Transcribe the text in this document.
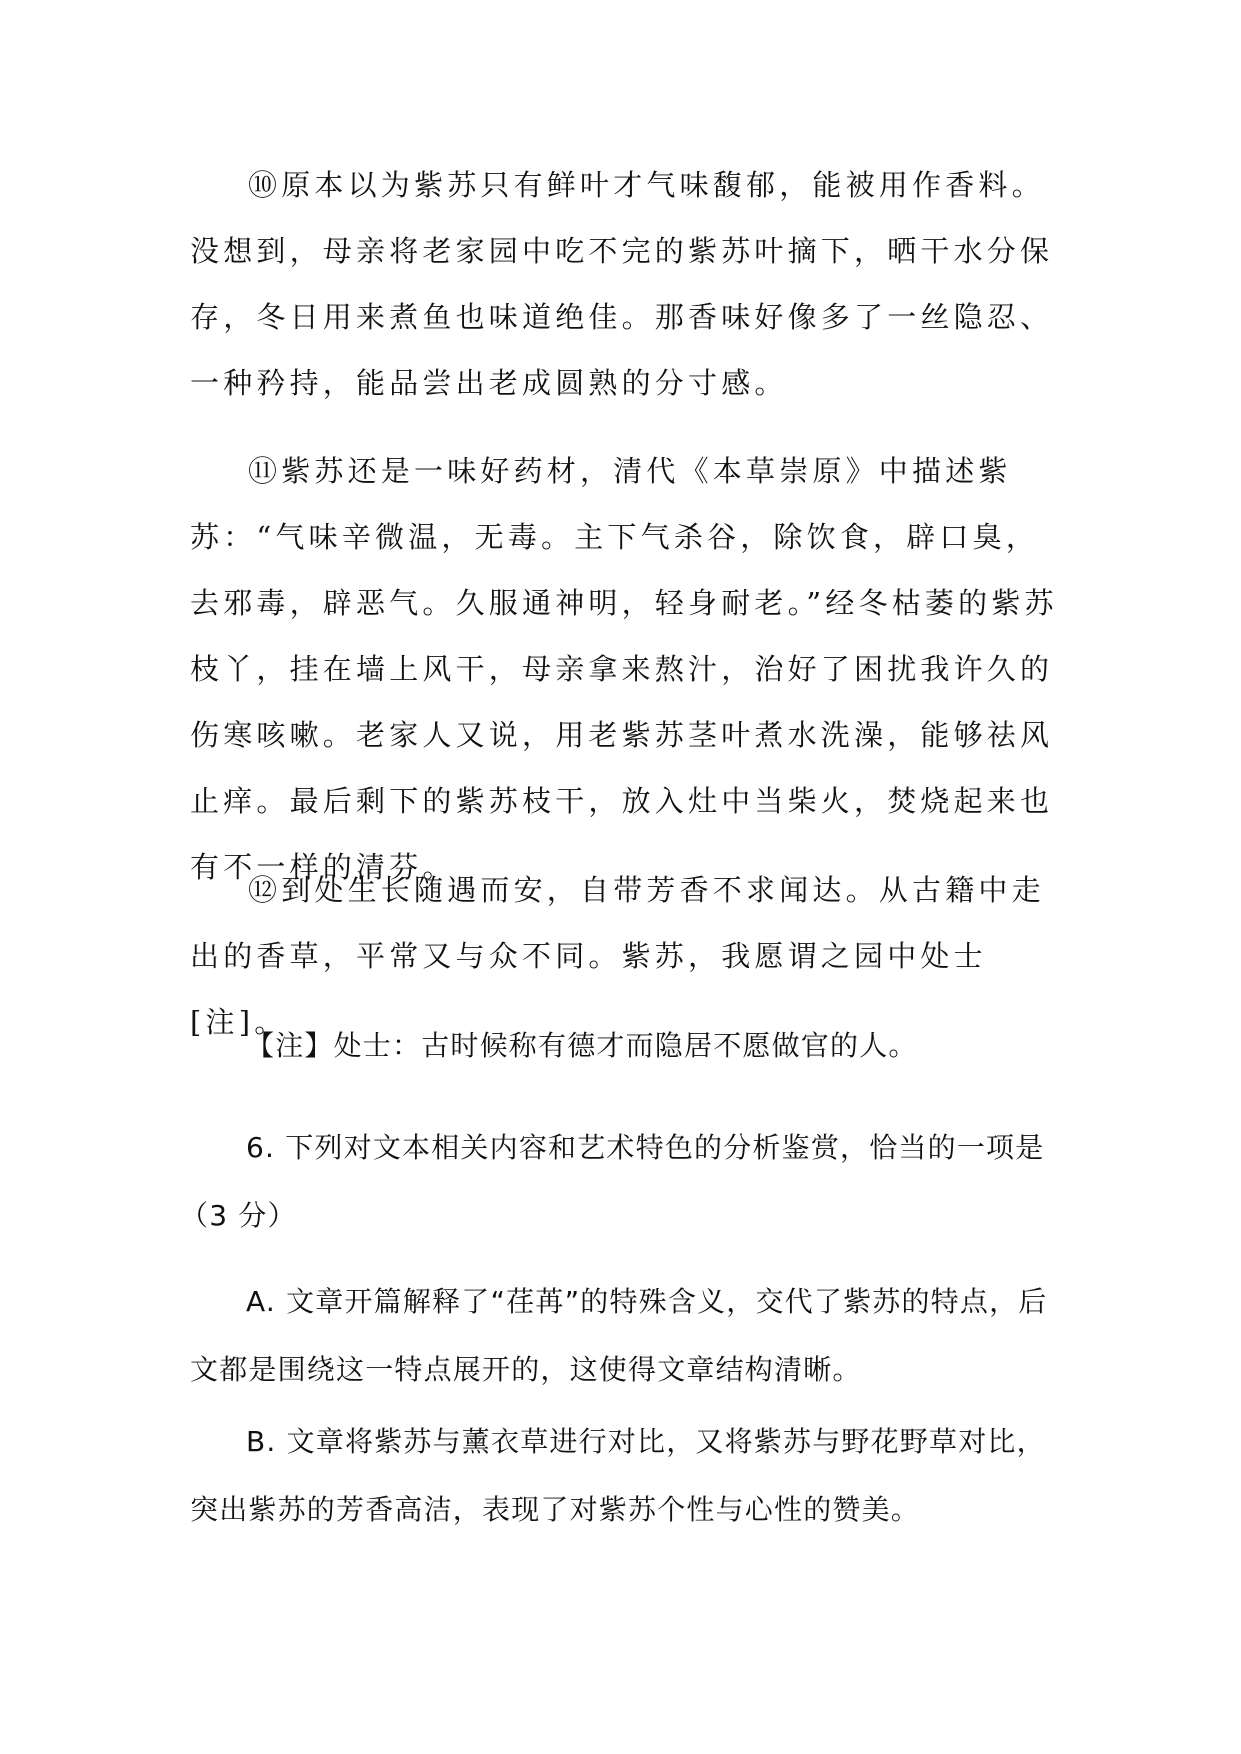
⑩原本以为紫苏只有鲜叶才气味馥郁，能被用作香料。没想到，母亲将老家园中吃不完的紫苏叶摘下，晒干水分保存，冬日用来煮鱼也味道绝佳。那香味好像多了一丝隐忍、一种矜持，能品尝出老成圆熟的分寸感。

⑪紫苏还是一味好药材，清代《本草崇原》中描述紫苏：“气味辛微温，无毒。主下气杀谷，除饮食，辟口臭，去邪毒，辟恶气。久服通神明，轻身耐老。”经冬枯萎的紫苏枝丫，挂在墙上风干，母亲拿来熬汁，治好了困扰我许久的伤寒咳嗽。老家人又说，用老紫苏茎叶煮水洗澡，能够祛风止痒。最后剩下的紫苏枝干，放入灶中当柴火，焚烧起来也有不一样的清芬。

⑫到处生长随遇而安，自带芳香不求闻达。从古籍中走出的香草，平常又与众不同。紫苏，我愿谓之园中处士[注]。

【注】处士：古时候称有德才而隐居不愿做官的人。

6. 下列对文本相关内容和艺术特色的分析鉴赏，恰当的一项是
（3 分）

A. 文章开篇解释了“荏苒”的特殊含义，交代了紫苏的特点，后文都是围绕这一特点展开的，这使得文章结构清晰。

B. 文章将紫苏与薰衣草进行对比，又将紫苏与野花野草对比，突出紫苏的芳香高洁，表现了对紫苏个性与心性的赞美。
